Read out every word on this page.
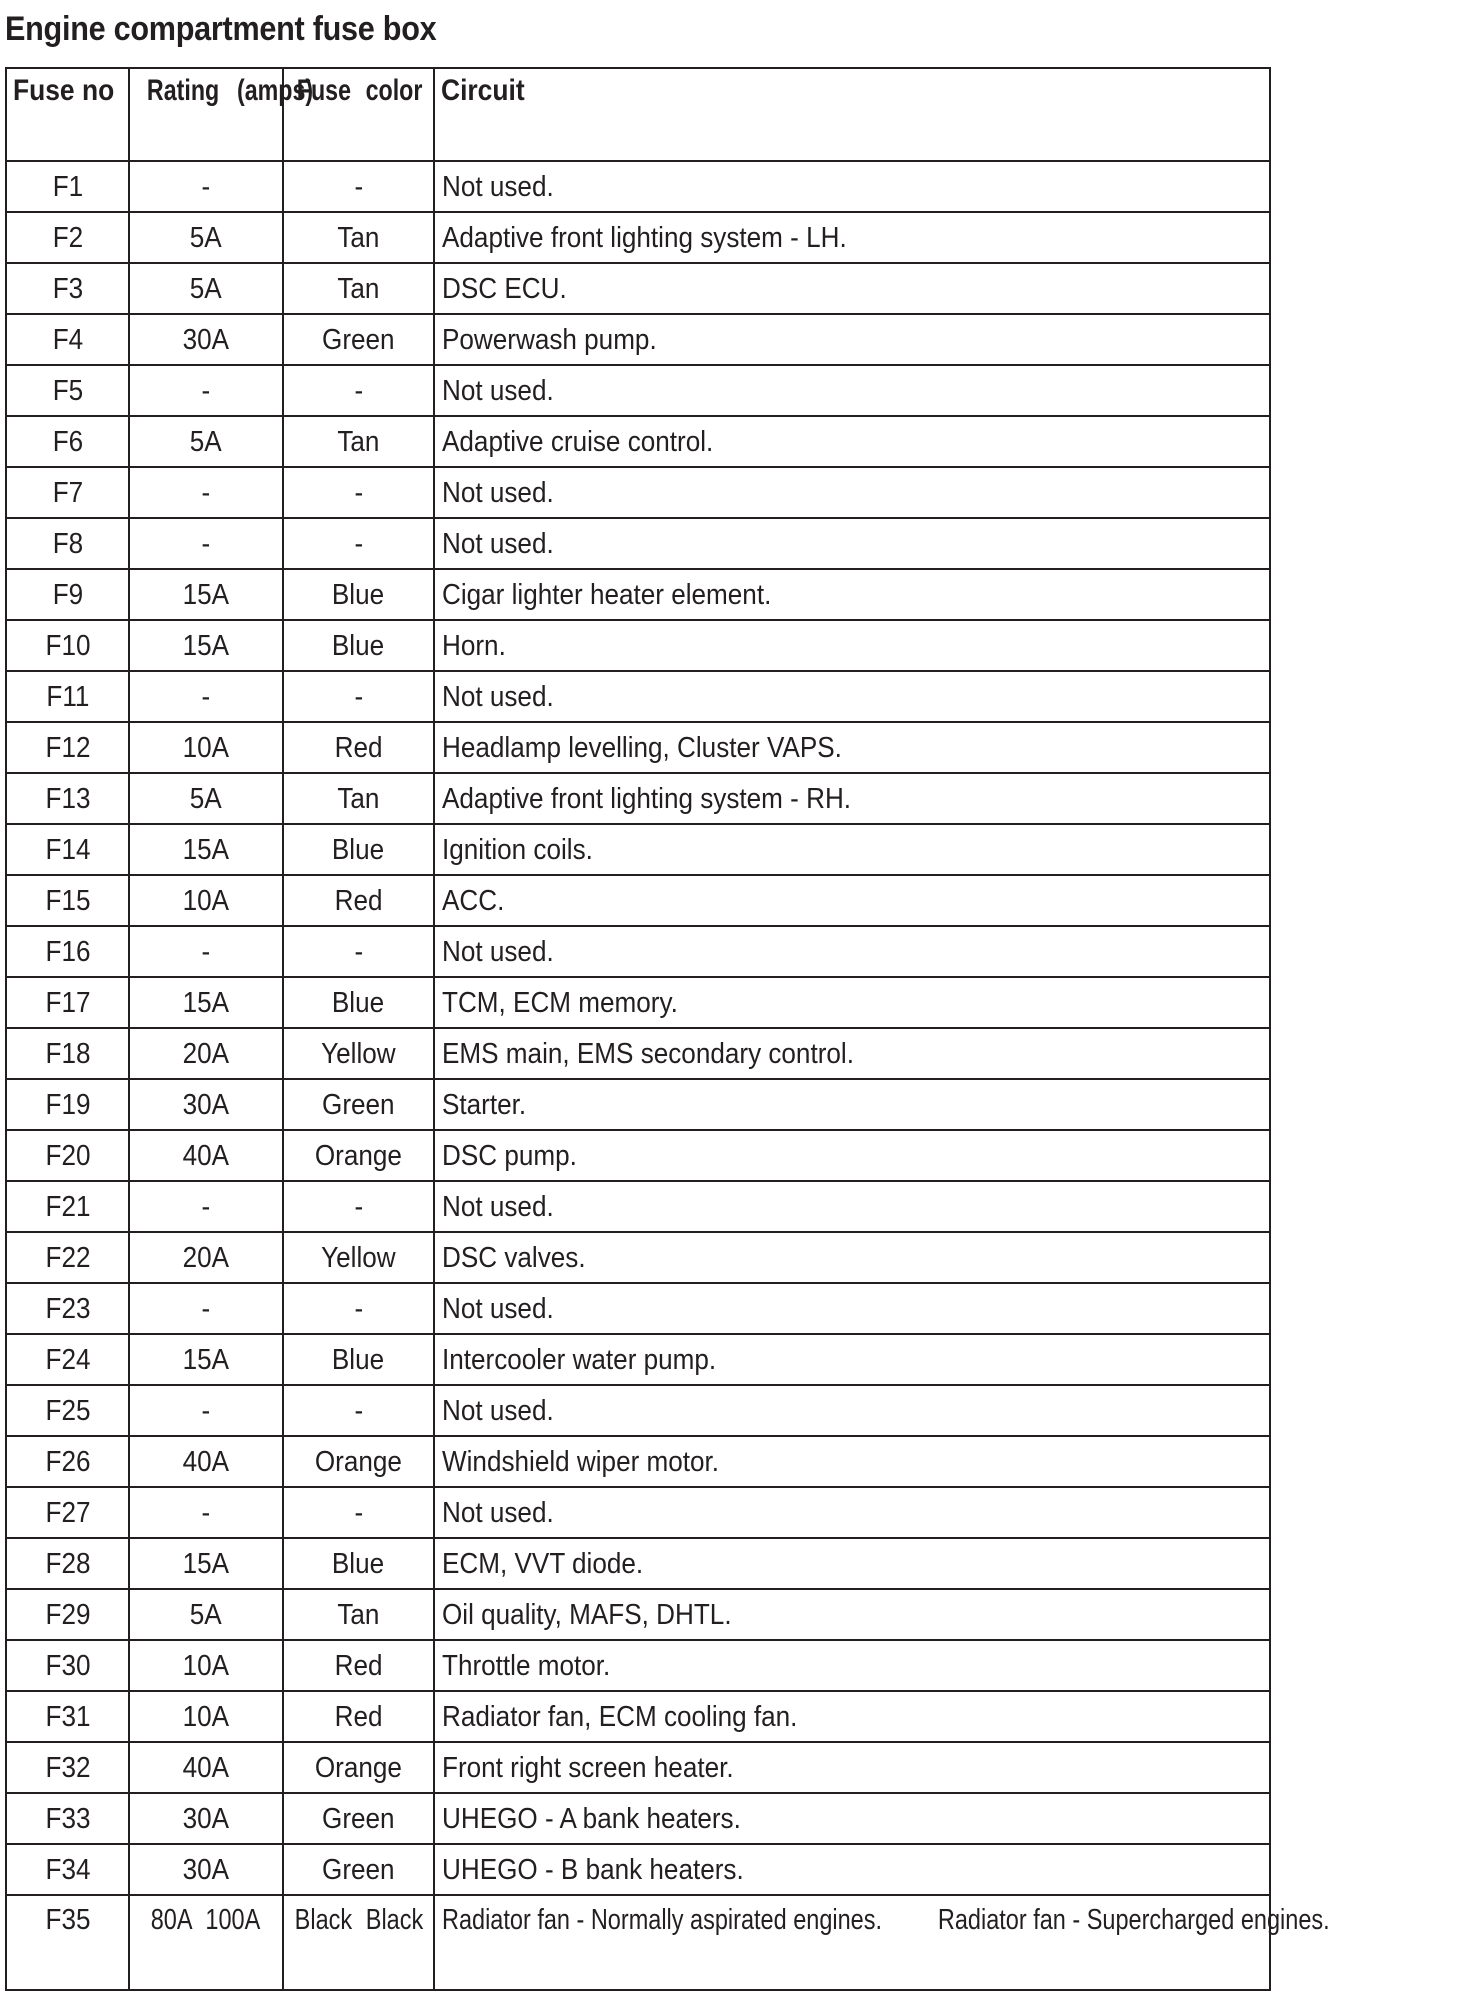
Engine compartment fuse box
Fuse no	Rating (amps)	Fuse color	Circuit
F1	-	-	Not used.
F2	5A	Tan	Adaptive front lighting system - LH.
F3	5A	Tan	DSC ECU.
F4	30A	Green	Powerwash pump.
F5	-	-	Not used.
F6	5A	Tan	Adaptive cruise control.
F7	-	-	Not used.
F8	-	-	Not used.
F9	15A	Blue	Cigar lighter heater element.
F10	15A	Blue	Horn.
F11	-	-	Not used.
F12	10A	Red	Headlamp levelling, Cluster VAPS.
F13	5A	Tan	Adaptive front lighting system - RH.
F14	15A	Blue	Ignition coils.
F15	10A	Red	ACC.
F16	-	-	Not used.
F17	15A	Blue	TCM, ECM memory.
F18	20A	Yellow	EMS main, EMS secondary control.
F19	30A	Green	Starter.
F20	40A	Orange	DSC pump.
F21	-	-	Not used.
F22	20A	Yellow	DSC valves.
F23	-	-	Not used.
F24	15A	Blue	Intercooler water pump.
F25	-	-	Not used.
F26	40A	Orange	Windshield wiper motor.
F27	-	-	Not used.
F28	15A	Blue	ECM, VVT diode.
F29	5A	Tan	Oil quality, MAFS, DHTL.
F30	10A	Red	Throttle motor.
F31	10A	Red	Radiator fan, ECM cooling fan.
F32	40A	Orange	Front right screen heater.
F33	30A	Green	UHEGO - A bank heaters.
F34	30A	Green	UHEGO - B bank heaters.
F35	80A 100A	Black Black	Radiator fan - Normally aspirated engines. Radiator fan - Supercharged engines.
